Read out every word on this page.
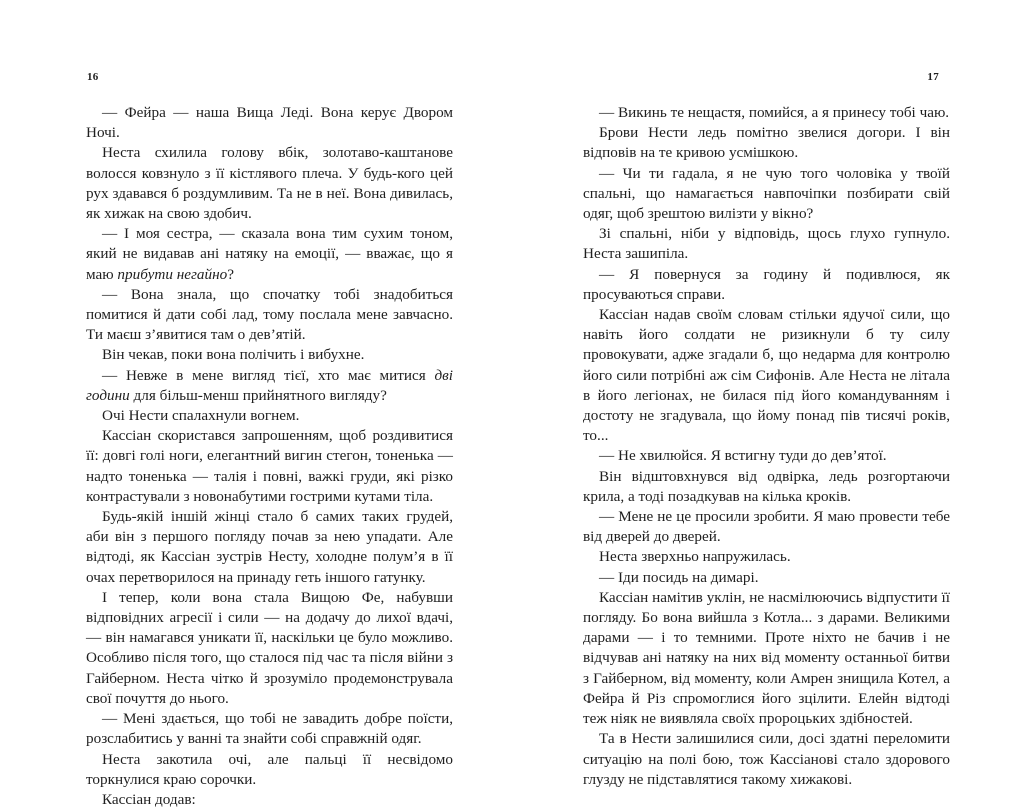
16

— Фейра — наша Вища Леді. Вона керує Двором Ночі.

Неста схилила голову вбік, золотаво-каштанове волосся ковзнуло з її кістлявого плеча. У будь-кого цей рух здавався б роздумливим. Та не в неї. Вона дивилась, як хижак на свою здобич.

— І моя сестра, — сказала вона тим сухим тоном, який не видавав ані натяку на емоції, — вважає, що я маю прибути негайно?

— Вона знала, що спочатку тобі знадобиться помитися й дати собі лад, тому послала мене завчасно. Ти маєш з’явитися там о дев’ятій.

Він чекав, поки вона полічить і вибухне.

— Невже в мене вигляд тієї, хто має митися дві години для більш-менш прийнятного вигляду?

Очі Нести спалахнули вогнем.

Кассіан скористався запрошенням, щоб роздивитися її: довгі голі ноги, елегантний вигин стегон, тоненька — надто тоненька — талія і повні, важкі груди, які різко контрастували з новонабутими гострими кутами тіла.

Будь-якій іншій жінці стало б самих таких грудей, аби він з першого погляду почав за нею упадати. Але відтоді, як Кассіан зустрів Несту, холодне полум’я в її очах перетворилося на принаду геть іншого гатунку.

І тепер, коли вона стала Вищою Фе, набувши відповідних агресії і сили — на додачу до лихої вдачі, — він намагався уникати її, наскільки це було можливо. Особливо після того, що сталося під час та після війни з Гайберном. Неста чітко й зрозуміло продемонструвала свої почуття до нього.

— Мені здається, що тобі не завадить добре поїсти, розслабитись у ванні та знайти собі справжній одяг.

Неста закотила очі, але пальці її несвідомо торкнулися краю сорочки.

Кассіан додав:

17

— Викинь те нещастя, помийся, а я принесу тобі чаю.

Брови Нести ледь помітно звелися догори. І він відповів на те кривою усмішкою.

— Чи ти гадала, я не чую того чоловіка у твоїй спальні, що намагається навпочіпки позбирати свій одяг, щоб зрештою вилізти у вікно?

Зі спальні, ніби у відповідь, щось глухо гупнуло. Неста зашипіла.

— Я повернуся за годину й подивлюся, як просуваються справи.

Кассіан надав своїм словам стільки ядучої сили, що навіть його солдати не ризикнули б ту силу провокувати, адже згадали б, що недарма для контролю його сили потрібні аж сім Сифонів. Але Неста не літала в його легіонах, не билася під його командуванням і достоту не згадувала, що йому понад пів тисячі років, то...

— Не хвилюйся. Я встигну туди до дев’ятої.

Він відштовхнувся від одвірка, ледь розгортаючи крила, а тоді позадкував на кілька кроків.

— Мене не це просили зробити. Я маю провести тебе від дверей до дверей.

Неста зверхньо напружилась.

— Іди посидь на димарі.

Кассіан намітив уклін, не насмілюючись відпустити її погляду. Бо вона вийшла з Котла... з дарами. Великими дарами — і то темними. Проте ніхто не бачив і не відчував ані натяку на них від моменту останньої битви з Гайберном, від моменту, коли Амрен знищила Котел, а Фейра й Різ спромоглися його зцілити. Елейн відтоді теж ніяк не виявляла своїх пророцьких здібностей.

Та в Нести залишилися сили, досі здатні переломити ситуацію на полі бою, тож Кассіанові стало здорового глузду не підставлятися такому хижакові.
